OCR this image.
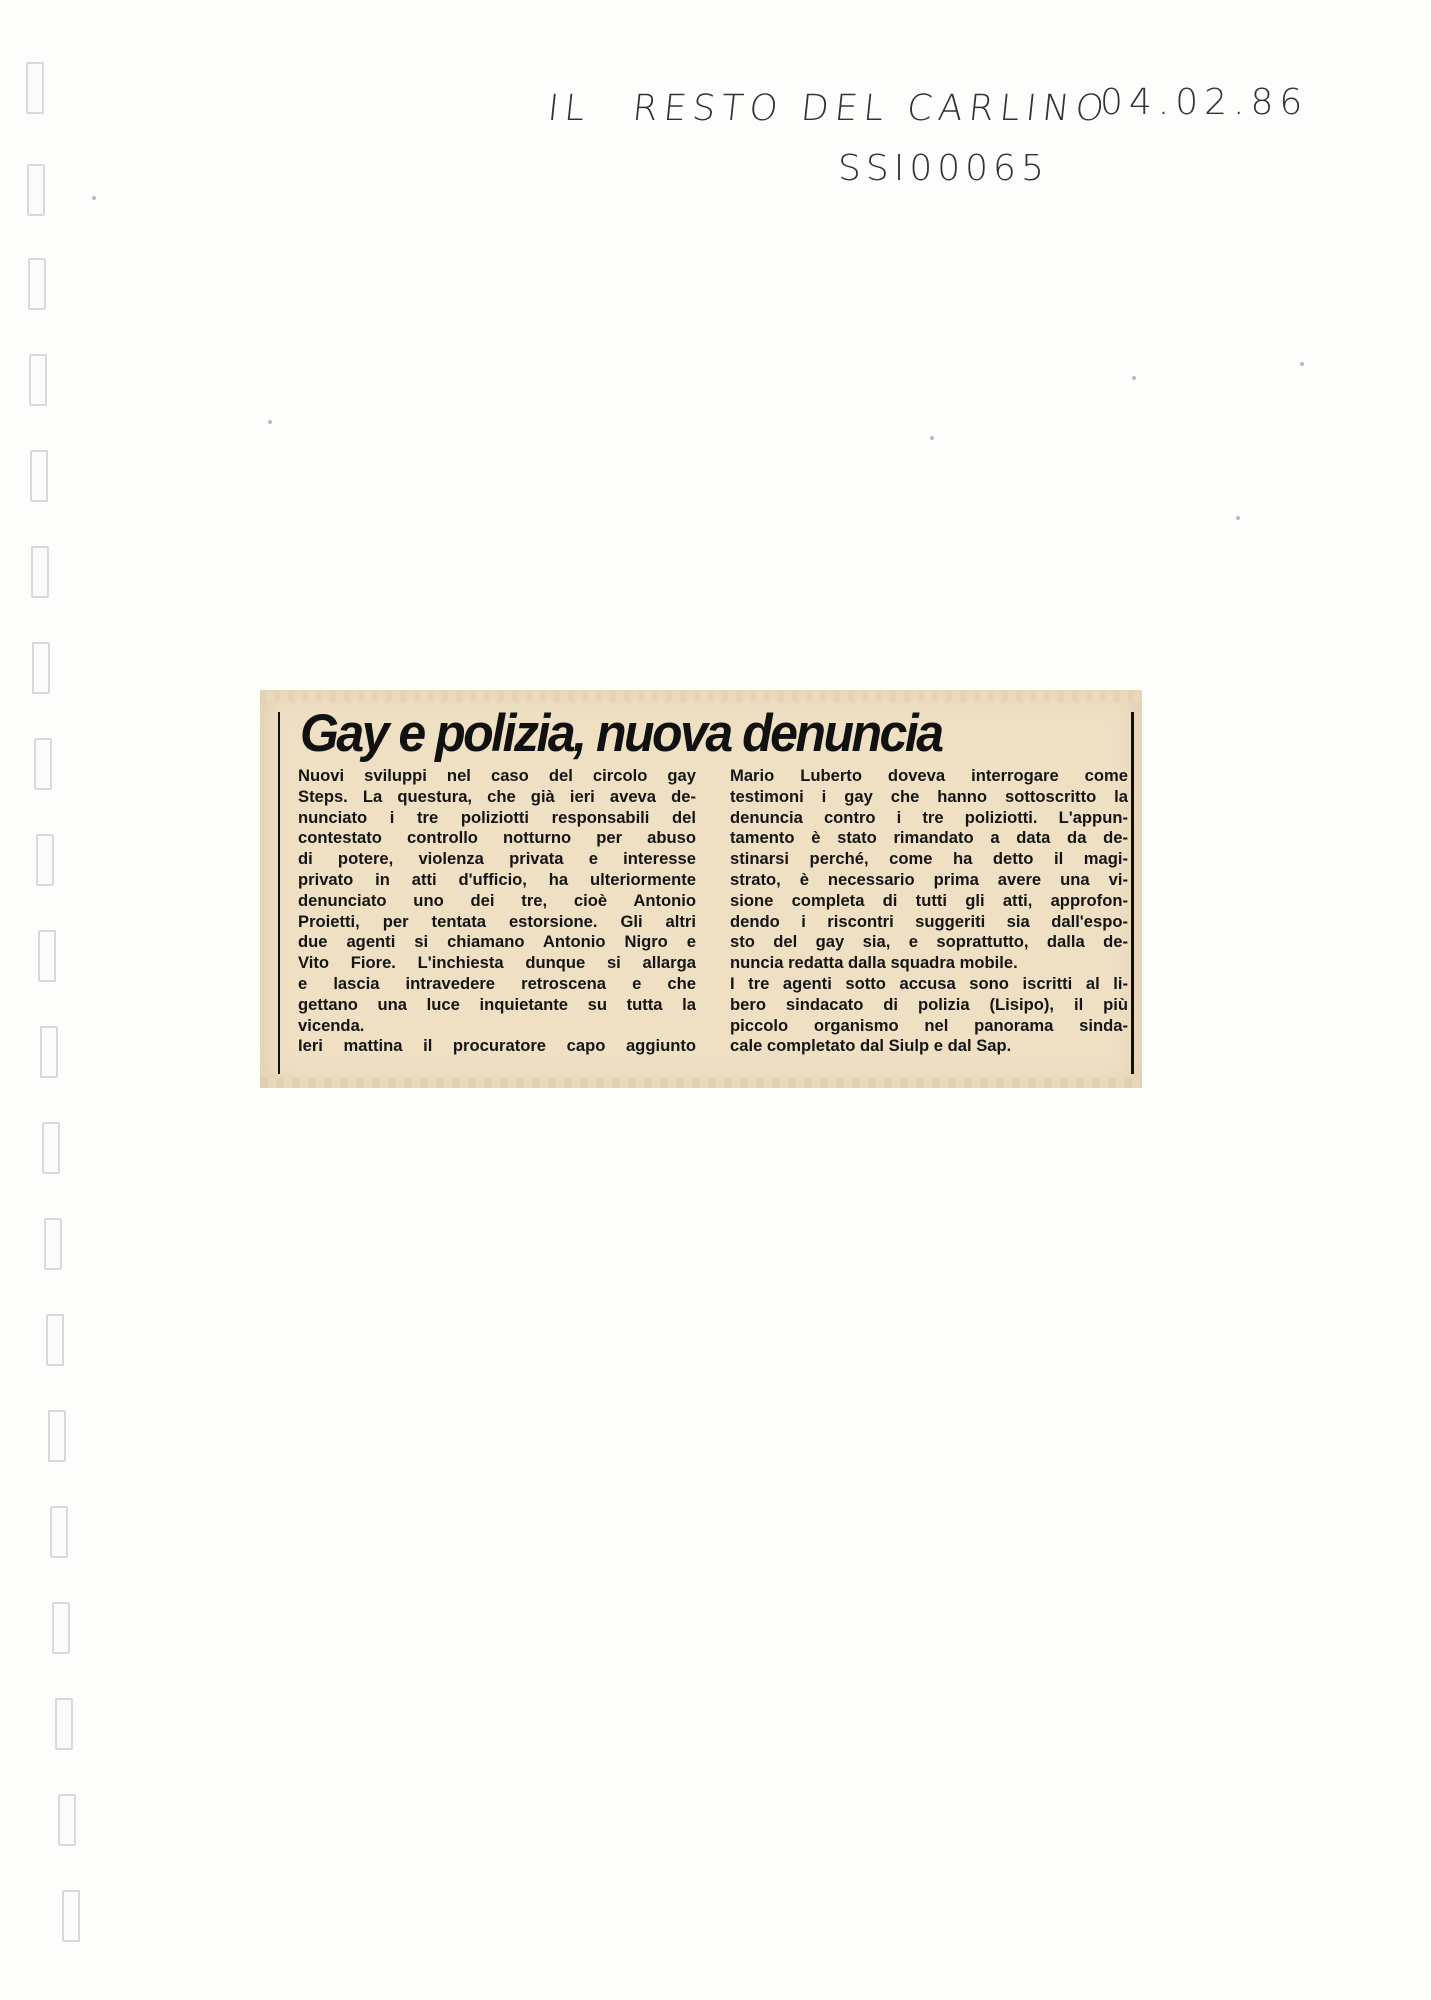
IL RESTO DEL CARLINO
04.02.86
SSI00065
Gay e polizia, nuova denuncia
Nuovi sviluppi nel caso del circolo gay
Steps. La questura, che già ieri aveva de-
nunciato i tre poliziotti responsabili del
contestato controllo notturno per abuso
di potere, violenza privata e interesse
privato in atti d'ufficio, ha ulteriormente
denunciato uno dei tre, cioè Antonio
Proietti, per tentata estorsione. Gli altri
due agenti si chiamano Antonio Nigro e
Vito Fiore. L'inchiesta dunque si allarga
e lascia intravedere retroscena e che
gettano una luce inquietante su tutta la
vicenda.
Ieri mattina il procuratore capo aggiunto
Mario Luberto doveva interrogare come
testimoni i gay che hanno sottoscritto la
denuncia contro i tre poliziotti. L'appun-
tamento è stato rimandato a data da de-
stinarsi perché, come ha detto il magi-
strato, è necessario prima avere una vi-
sione completa di tutti gli atti, approfon-
dendo i riscontri suggeriti sia dall'espo-
sto del gay sia, e soprattutto, dalla de-
nuncia redatta dalla squadra mobile.
I tre agenti sotto accusa sono iscritti al li-
bero sindacato di polizia (Lisipo), il più
piccolo organismo nel panorama sinda-
cale completato dal Siulp e dal Sap.
